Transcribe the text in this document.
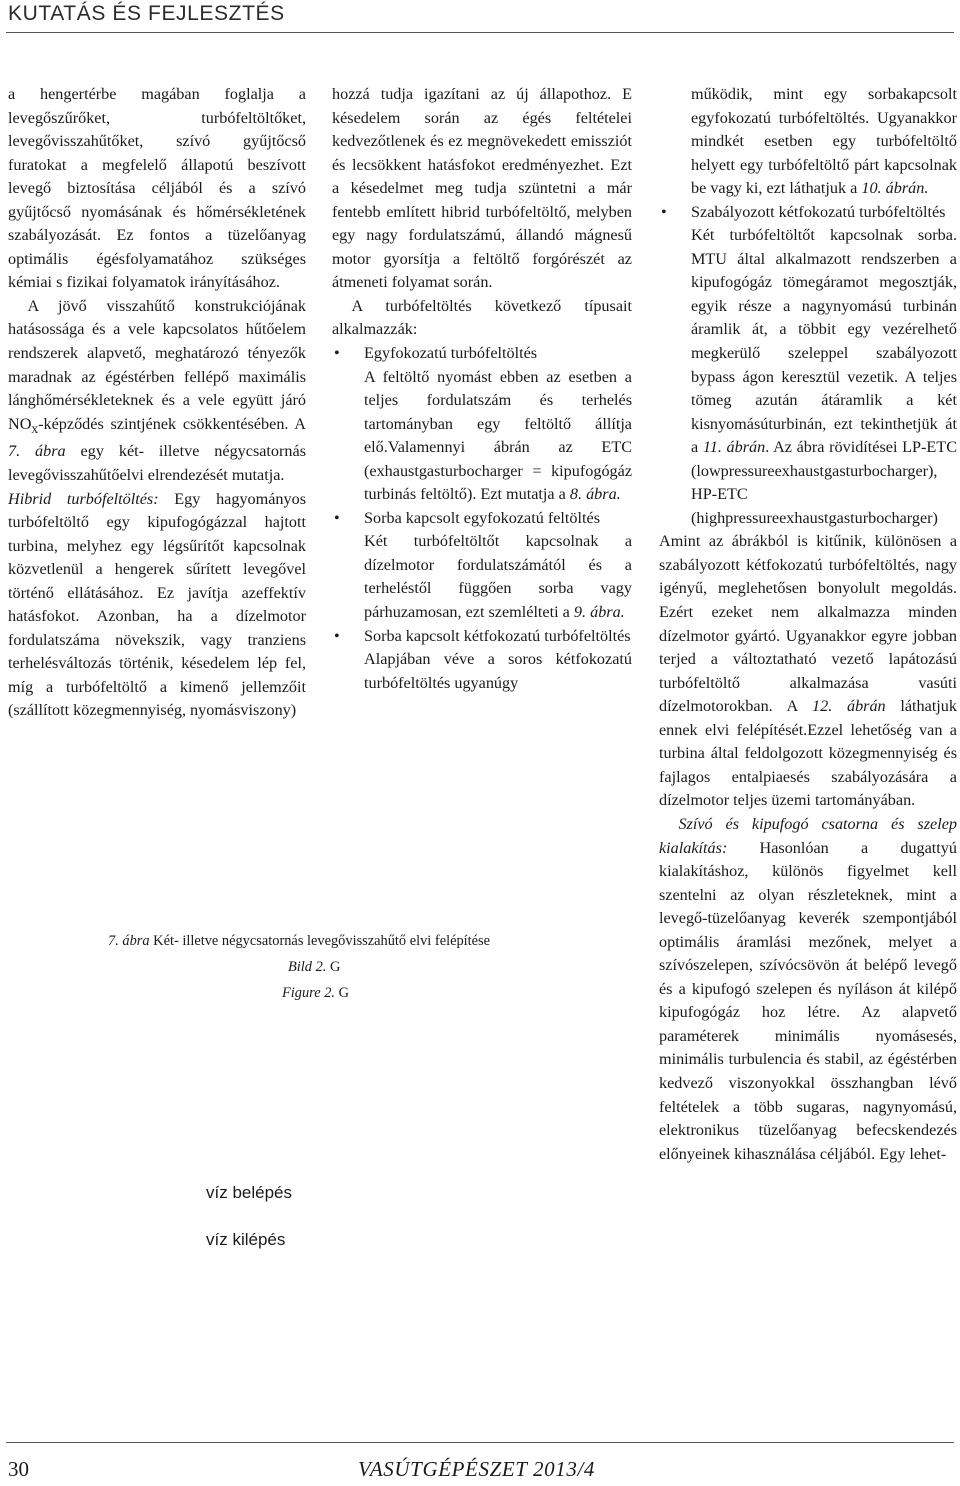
KUTATÁS ÉS FEJLESZTÉS

a hengertérbe magában foglalja a levegőszűrőket, turbófeltöltőket, levegővisszahűtőket, szívó gyűjtőcső furatokat a megfelelő állapotú beszívott levegő biztosítása céljából és a szívó gyűjtőcső nyomásának és hőmérsékletének szabályozását. Ez fontos a tüzelőanyag optimális égésfolyamatához szükséges kémiai s fizikai folyamatok irányításához.

A jövő visszahűtő konstrukciójának hatásossága és a vele kapcsolatos hűtőelem rendszerek alapvető, meghatározó tényezők maradnak az égéstérben fellépő maximális lánghőmérsékleteknek és a vele együtt járó $NO_x$-képződés szintjének csökkentésében. A 7. ábra egy két- illetve négycsatornás levegővisszahűtőelvi elrendezését mutatja.

Hibrid turbófeltöltés: Egy hagyományos turbófeltöltő egy kipufogógázzal hajtott turbina, melyhez egy légsűrítőt kapcsolnak közvetlenül a hengerek sűrített levegővel történő ellátásához. Ez javítja azeffektív hatásfokot. Azonban, ha a dízelmotor fordulatszáma növekszik, vagy tranziens terhelésváltozás történik, késedelem lép fel, míg a turbófeltöltő a kimenő jellemzőit (szállított közegmennyiség, nyomásviszony)

hozzá tudja igazítani az új állapothoz. E késedelem során az égés feltételei kedvezőtlenek és ez megnövekedett emissziót és lecsökkent hatásfokot eredményezhet. Ezt a késedelmet meg tudja szüntetni a már fentebb említett hibrid turbófeltöltő, melyben egy nagy fordulatszámú, állandó mágnesű motor gyorsítja a feltöltő forgórészét az átmeneti folyamat során.

A turbófeltöltés következő típusait alkalmazzák:

• Egyfokozatú turbófeltöltés
A feltöltő nyomást ebben az esetben a teljes fordulatszám és terhelés tartományban egy feltöltő állítja elő.Valamennyi ábrán az ETC (exhaustgasturbocharger = kipufogógáz turbinás feltöltő). Ezt mutatja a 8. ábra.
• Sorba kapcsolt egyfokozatú feltöltés
Két turbófeltöltőt kapcsolnak a dízelmotor fordulatszámától és a terheléstől függően sorba vagy párhuzamosan, ezt szemlélteti a 9. ábra.
• Sorba kapcsolt kétfokozatú turbófeltöltés
Alapjában véve a soros kétfokozatú turbófeltöltés ugyanúgy
működik, mint egy sorbakapcsolt egyfokozatú turbófeltöltés. Ugyanakkor mindkét esetben egy turbófeltöltő helyett egy turbófeltöltő párt kapcsolnak be vagy ki, ezt láthatjuk a 10. ábrán.
• Szabályozott kétfokozatú turbófeltöltés
Két turbófeltöltőt kapcsolnak sorba. MTU által alkalmazott rendszerben a kipufogógáz tömegáramot megosztják, egyik része a nagynyomású turbinán áramlik át, a többit egy vezérelhető megkerülő szeleppel szabályozott bypass ágon keresztül vezetik. A teljes tömeg azután átáramlik a két kisnyomásúturbinán, ezt tekinthetjük át a 11. ábrán. Az ábra rövidítései LP-ETC (lowpressureexhaustgasturbocharger), HP-ETC (highpressureexhaustgasturbocharger)

Amint az ábrákból is kitűnik, különösen a szabályozott kétfokozatú turbófeltöltés, nagy igényű, meglehetősen bonyolult megoldás. Ezért ezeket nem alkalmazza minden dízelmotor gyártó. Ugyanakkor egyre jobban terjed a változtatható vezető lapátozású turbófeltöltő alkalmazása vasúti dízelmotorokban. A 12. ábrán láthatjuk ennek elvi felépítését.Ezzel lehetőség van a turbina által feldolgozott közegmennyiség és fajlagos entalpiaesés szabályozására a dízelmotor teljes üzemi tartományában.

Szívó és kipufogó csatorna és szelep kialakítás: Hasonlóan a dugattyú kialakításhoz, különös figyelmet kell szentelni az olyan részleteknek, mint a levegő-tüzelőanyag keverék szempontjából optimális áramlási mezőnek, melyet a szívószelepen, szívócsövön át belépő levegő és a kipufogó szelepen és nyíláson át kilépő kipufogógáz hoz létre. Az alapvető paraméterek minimális nyomásesés, minimális turbulencia és stabil, az égéstérben kedvező viszonyokkal összhangban lévő feltételek a több sugaras, nagynyomású, elektronikus tüzelőanyag befecskendezés előnyeinek kihasználása céljából. Egy lehet-

7. ábra Két- illetve négycsatornás levegővisszahűtő elvi felépítése
Bild 2. G
Figure 2. G
víz belépés
víz kilépés
30	VASÚTGÉPÉSZET 2013/4
